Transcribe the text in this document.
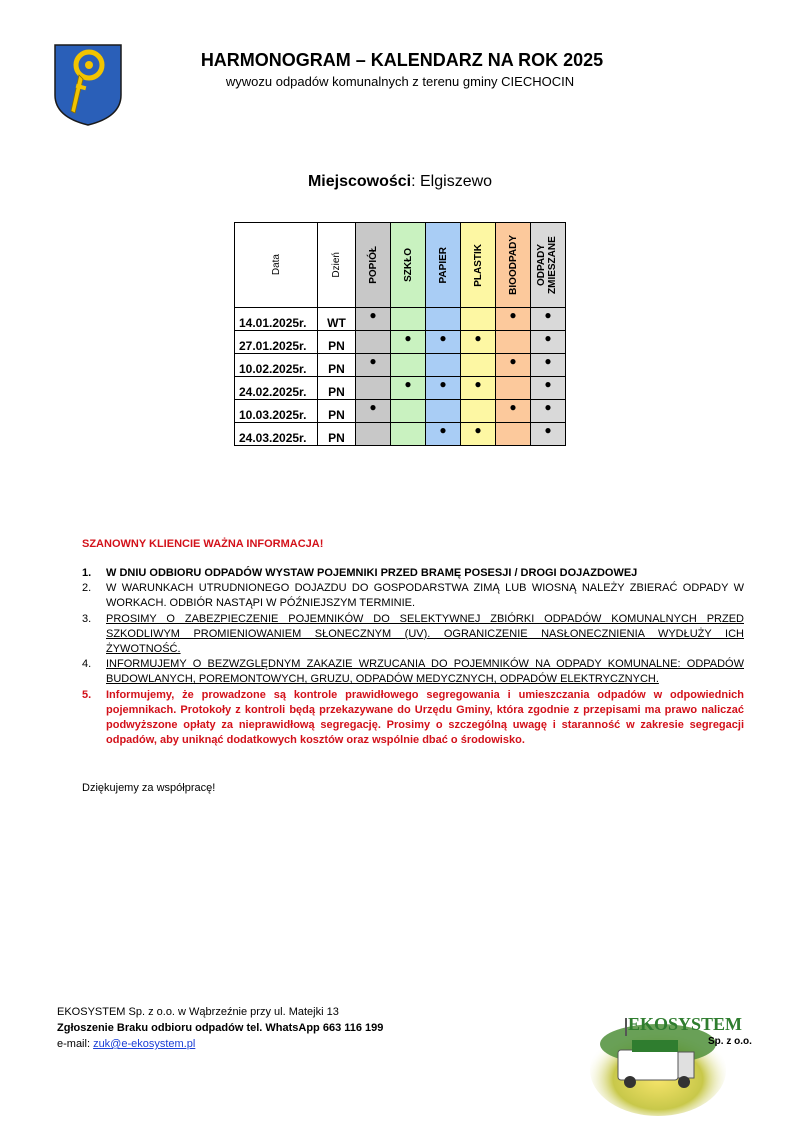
HARMONOGRAM – KALENDARZ NA ROK 2025
wywozu odpadów komunalnych z terenu gminy CIECHOCIN
Miejscowości: Elgiszewo
Data	Dzień	POPIÓŁ	SZKŁO	PAPIER	PLASTIK	BIOODPADY	ODPADY ZMIESZANE

14.01.2025r.	WT	●				●	●
27.01.2025r.	PN		●	●	●		●
10.02.2025r.	PN	●				●	●
24.02.2025r.	PN		●	●	●		●
10.03.2025r.	PN	●				●	●
24.03.2025r.	PN			●	●		●
SZANOWNY KLIENCIE WAŻNA INFORMACJA!
1. W DNIU ODBIORU ODPADÓW WYSTAW POJEMNIKI PRZED BRAMĘ POSESJI / DROGI DOJAZDOWEJ
2. W WARUNKACH UTRUDNIONEGO DOJAZDU DO GOSPODARSTWA ZIMĄ LUB WIOSNĄ NALEŻY ZBIERAĆ ODPADY W WORKACH. ODBIÓR NASTĄPI W PÓŹNIEJSZYM TERMINIE.
3. PROSIMY O ZABEZPIECZENIE POJEMNIKÓW DO SELEKTYWNEJ ZBIÓRKI ODPADÓW KOMUNALNYCH PRZED SZKODLIWYM PROMIENIOWANIEM SŁONECZNYM (UV). OGRANICZENIE NASŁONECZNIENIA WYDŁUŻY ICH ŻYWOTNOŚĆ.
4. INFORMUJEMY O BEZWZGLĘDNYM ZAKAZIE WRZUCANIA DO POJEMNIKÓW NA ODPADY KOMUNALNE: ODPADÓW BUDOWLANYCH, POREMONTOWYCH, GRUZU, ODPADÓW MEDYCZNYCH, ODPADÓW ELEKTRYCZNYCH.
5. Informujemy, że prowadzone są kontrole prawidłowego segregowania i umieszczania odpadów w odpowiednich pojemnikach. Protokoły z kontroli będą przekazywane do Urzędu Gminy, która zgodnie z przepisami ma prawo naliczać podwyższone opłaty za nieprawidłową segregację. Prosimy o szczególną uwagę i staranność w zakresie segregacji odpadów, aby uniknąć dodatkowych kosztów oraz wspólnie dbać o środowisko.
Dziękujemy za współpracę!
EKOSYSTEM Sp. z o.o. w Wąbrzeźnie przy ul. Matejki 13
Zgłoszenie Braku odbioru odpadów tel. WhatsApp 663 116 199
e-mail: zuk@e-ekosystem.pl
EKOSYSTEM
Sp. z o.o.
